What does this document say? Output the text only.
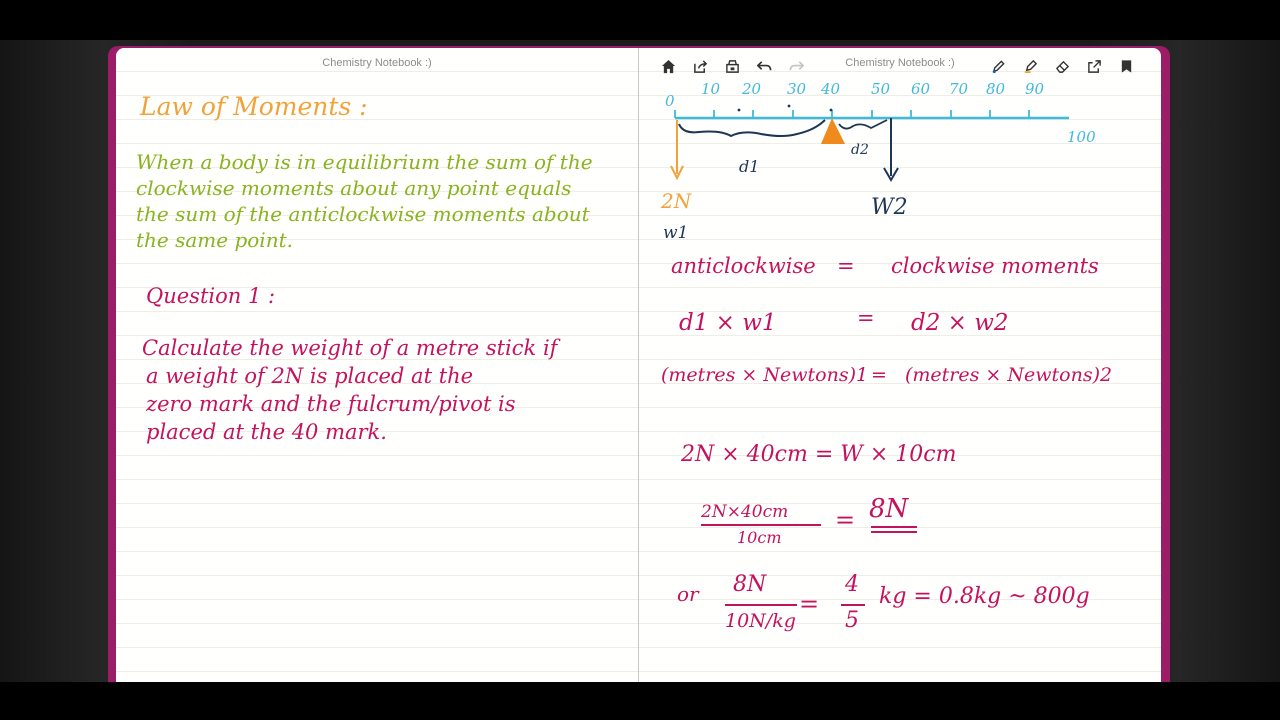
Chemistry Notebook :)
Law of Moments :
When a body is in equilibrium the sum of the
clockwise moments about any point equals
the sum of the anticlockwise moments about
the same point.
Question 1 :
Calculate the weight of a metre stick if
a weight of 2N is placed at the
zero mark and the fulcrum/pivot is
placed at the 40 mark.
Chemistry Notebook :)
0
10 20 30 40 50 60 70 80 90
100
d1
d2
2N
w1
W2
anticlockwise = clockwise moments
d1 × w1	= d2 × w2
(metres × Newtons)1 = (metres × Newtons)2
2N × 40cm = W × 10cm
2N×40cm
10cm
= 8N
or 8N
10N/kg
=
4
5
kg = 0.8kg ~ 800g
